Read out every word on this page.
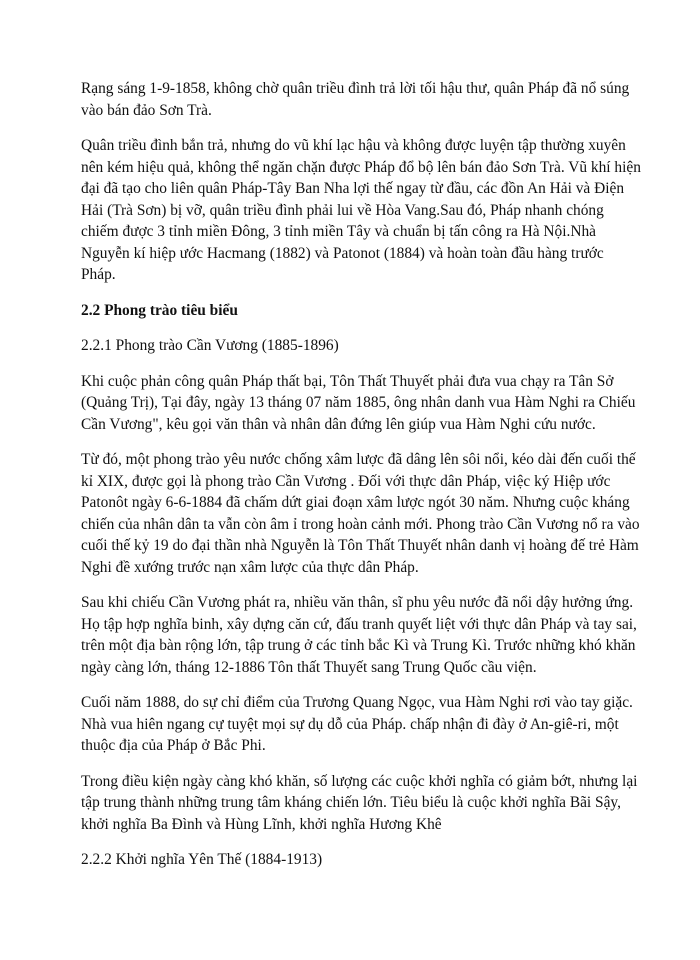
Rạng sáng 1-9-1858, không chờ quân triều đình trả lời tối hậu thư, quân Pháp đã nổ súng vào bán đảo Sơn Trà.

Quân triều đình bắn trả, nhưng do vũ khí lạc hậu và không được luyện tập thường xuyên nên kém hiệu quả, không thể ngăn chặn được Pháp đổ bộ lên bán đảo Sơn Trà. Vũ khí hiện đại đã tạo cho liên quân Pháp-Tây Ban Nha lợi thế ngay từ đầu, các đồn An Hải và Điện Hải (Trà Sơn) bị vỡ, quân triều đình phải lui về Hòa Vang.Sau đó, Pháp nhanh chóng chiếm được 3 tỉnh miền Đông, 3 tỉnh miền Tây và chuẩn bị tấn công ra Hà Nội.Nhà Nguyễn kí hiệp ước Hacmang (1882) và Patonot (1884) và hoàn toàn đầu hàng trước Pháp.

2.2 Phong trào tiêu biểu

2.2.1 Phong trào Cần Vương (1885-1896)

Khi cuộc phản công quân Pháp thất bại, Tôn Thất Thuyết phải đưa vua chạy ra Tân Sở (Quảng Trị), Tại đây, ngày 13 tháng 07 năm 1885, ông nhân danh vua Hàm Nghi ra Chiếu Cần Vương", kêu gọi văn thân và nhân dân đứng lên giúp vua Hàm Nghi cứu nước.

Từ đó, một phong trào yêu nước chống xâm lược đã dâng lên sôi nổi, kéo dài đến cuối thế kỉ XIX, được gọi là phong trào Cần Vương . Đối với thực dân Pháp, việc ký Hiệp ước Patonôt ngày 6-6-1884 đã chấm dứt giai đoạn xâm lược ngót 30 năm. Nhưng cuộc kháng chiến của nhân dân ta vẫn còn âm ỉ trong hoàn cảnh mới. Phong trào Cần Vương nổ ra vào cuối thế kỷ 19 do đại thần nhà Nguyễn là Tôn Thất Thuyết nhân danh vị hoàng đế trẻ Hàm Nghi đề xướng trước nạn xâm lược của thực dân Pháp.

Sau khi chiếu Cần Vương phát ra, nhiều văn thân, sĩ phu yêu nước đã nổi dậy hưởng ứng. Họ tập hợp nghĩa binh, xây dựng căn cứ, đấu tranh quyết liệt với thực dân Pháp và tay sai, trên một địa bàn rộng lớn, tập trung ở các tỉnh bắc Kì và Trung Kì. Trước những khó khăn ngày càng lớn, tháng 12-1886 Tôn thất Thuyết sang Trung Quốc cầu viện.

Cuối năm 1888, do sự chỉ điểm của Trương Quang Ngọc, vua Hàm Nghi rơi vào tay giặc. Nhà vua hiên ngang cự tuyệt mọi sự dụ dỗ của Pháp. chấp nhận đi đày ở An-giê-ri, một thuộc địa của Pháp ở Bắc Phi.

Trong điều kiện ngày càng khó khăn, số lượng các cuộc khởi nghĩa có giảm bớt, nhưng lại tập trung thành những trung tâm kháng chiến lớn. Tiêu biểu là cuộc khởi nghĩa Bãi Sậy, khởi nghĩa Ba Đình và Hùng Lĩnh, khởi nghĩa Hương Khê

2.2.2 Khởi nghĩa Yên Thế (1884-1913)
